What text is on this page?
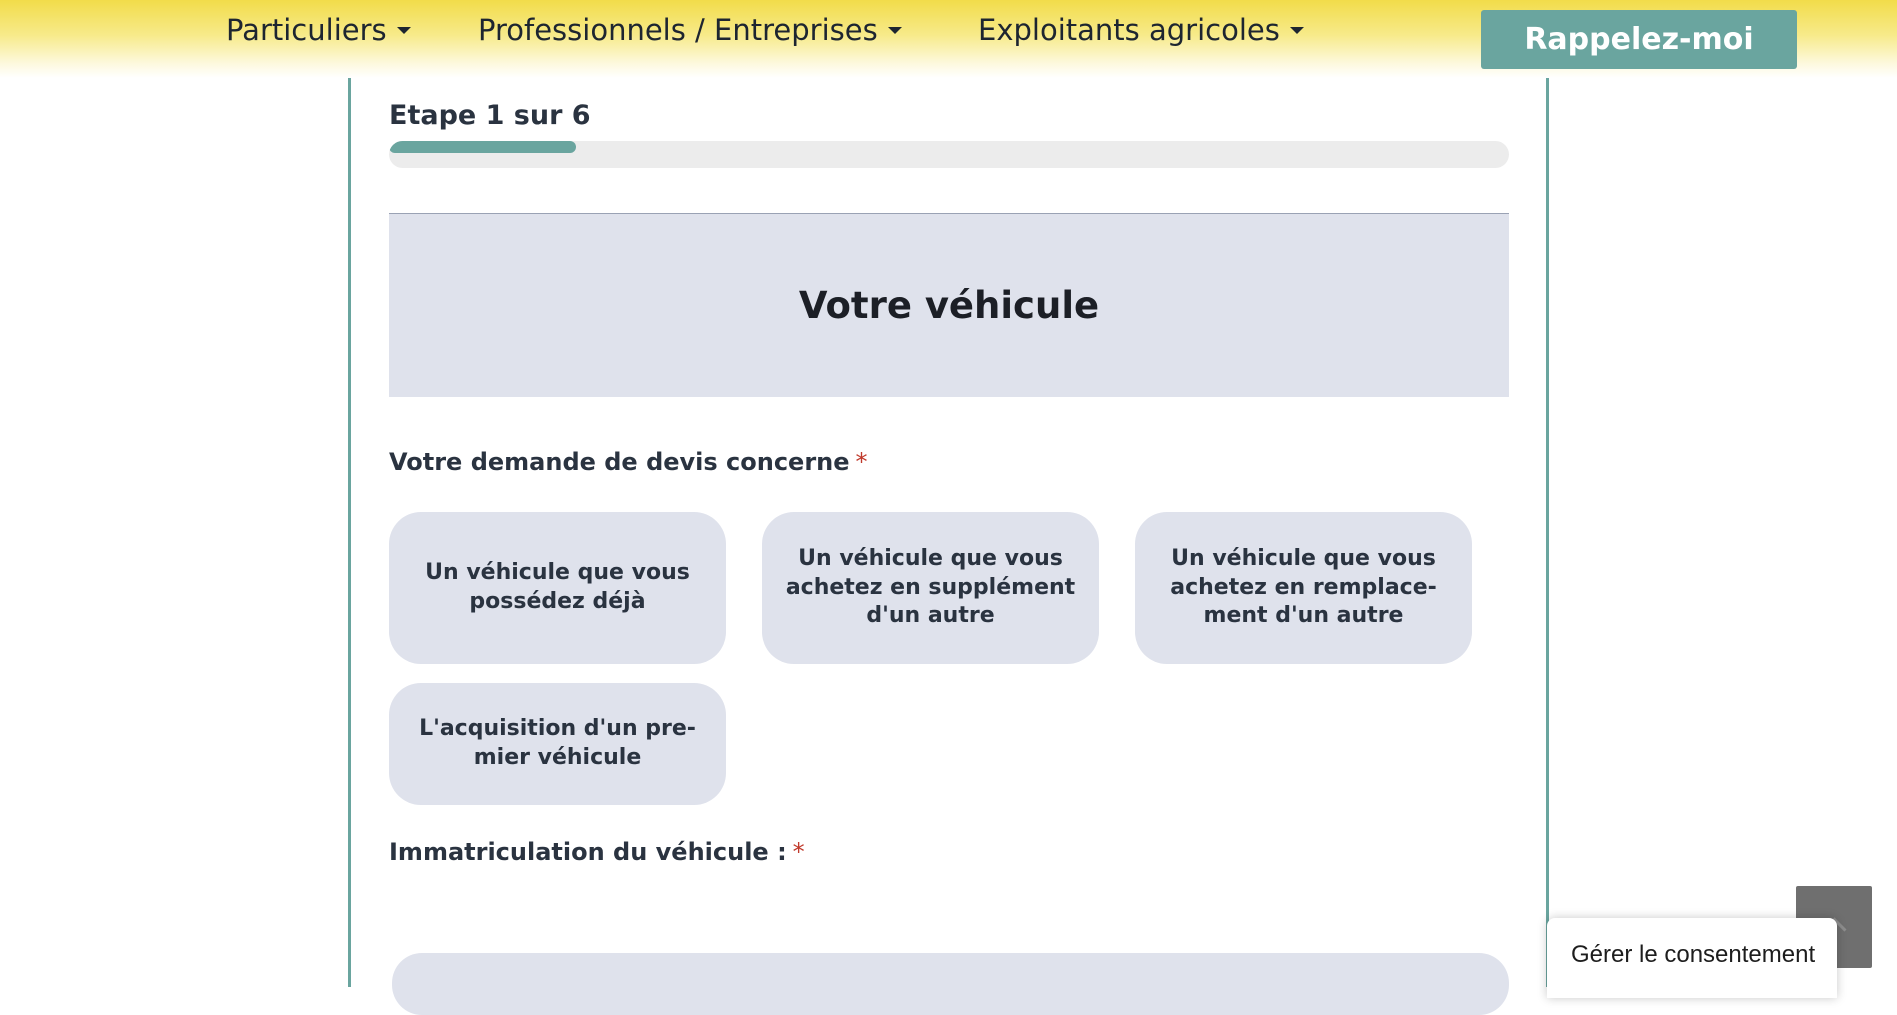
Particuliers	Professionnels / Entreprises	Exploitants agricoles	Rappelez-moi
Etape 1 sur 6
Votre véhicule
Votre demande de devis concerne *
Un véhicule que vous possédez déjà
Un véhicule que vous achetez en supplément d'un autre
Un véhicule que vous achetez en remplace-ment d'un autre
L'acquisition d'un pre-mier véhicule
Immatriculation du véhicule : *
Gérer le consentement
